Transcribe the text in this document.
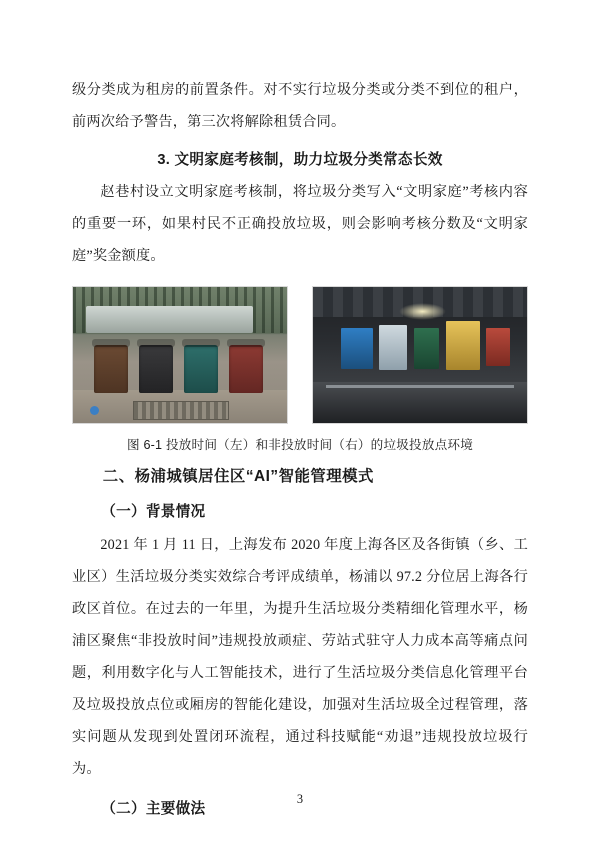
级分类成为租房的前置条件。对不实行垃圾分类或分类不到位的租户，前两次给予警告，第三次将解除租赁合同。

3. 文明家庭考核制，助力垃圾分类常态长效

赵巷村设立文明家庭考核制，将垃圾分类写入“文明家庭”考核内容的重要一环，如果村民不正确投放垃圾，则会影响考核分数及“文明家庭”奖金额度。

图 6-1 投放时间（左）和非投放时间（右）的垃圾投放点环境

二、杨浦城镇居住区“AI”智能管理模式
（一）背景情况

2021 年 1 月 11 日，上海发布 2020 年度上海各区及各街镇（乡、工业区）生活垃圾分类实效综合考评成绩单，杨浦以 97.2 分位居上海各行政区首位。在过去的一年里，为提升生活垃圾分类精细化管理水平，杨浦区聚焦“非投放时间”违规投放顽症、劳站式驻守人力成本高等痛点问题，利用数字化与人工智能技术，进行了生活垃圾分类信息化管理平台及垃圾投放点位或厢房的智能化建设，加强对生活垃圾全过程管理，落实问题从发现到处置闭环流程，通过科技赋能“劝退”违规投放垃圾行为。

（二）主要做法
3
